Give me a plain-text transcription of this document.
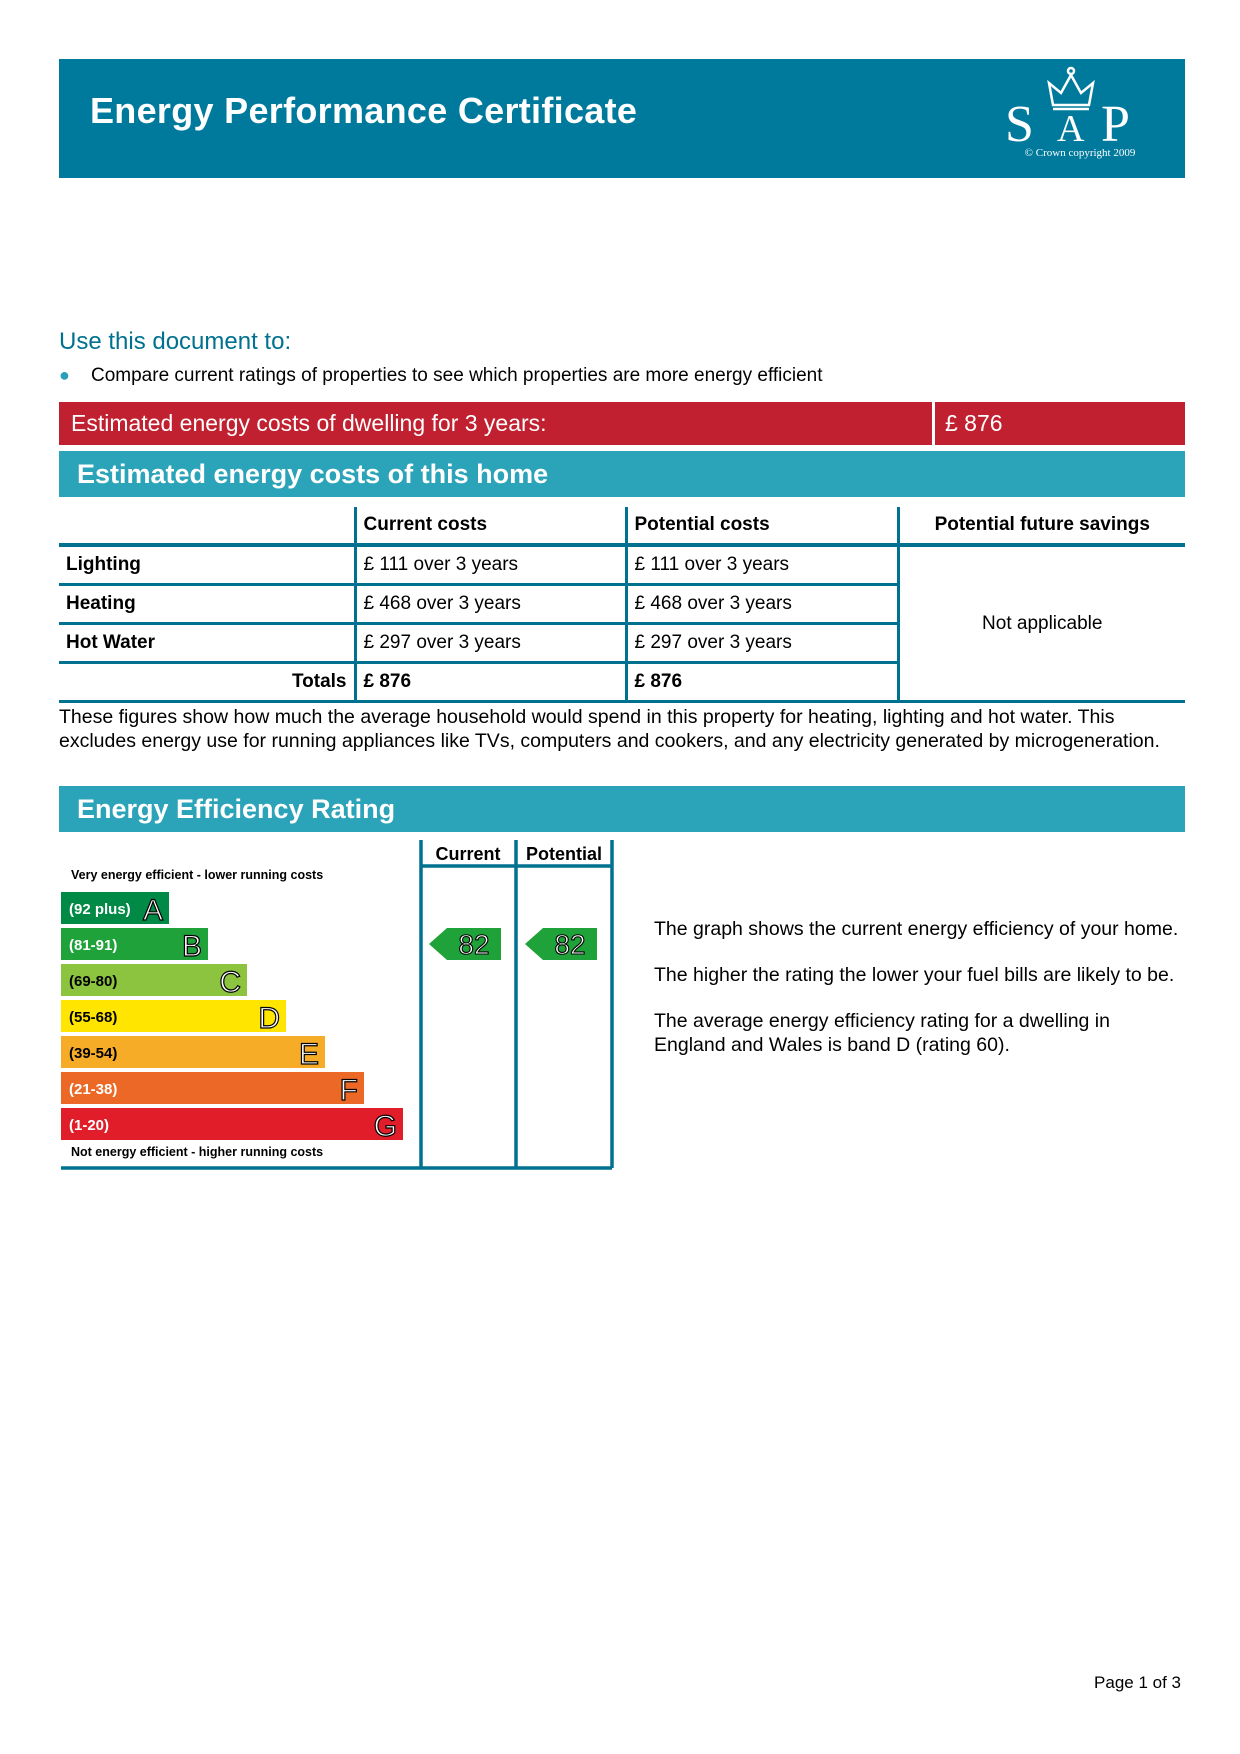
Energy Performance Certificate	S A P
© Crown copyright 2009
Use this document to:
● Compare current ratings of properties to see which properties are more energy efficient
Estimated energy costs of dwelling for 3 years:	£ 876
Estimated energy costs of this home
	Current costs	Potential costs	Potential future savings
Lighting	£ 111 over 3 years	£ 111 over 3 years	Not applicable
Heating	£ 468 over 3 years	£ 468 over 3 years	
Hot Water	£ 297 over 3 years	£ 297 over 3 years	
Totals	£ 876	£ 876	
These figures show how much the average household would spend in this property for heating, lighting and hot water. This excludes energy use for running appliances like TVs, computers and cookers, and any electricity generated by microgeneration.
Energy Efficiency Rating
Current Potential
Very energy efficient - lower running costs
Not energy efficient - higher running costs
(92 plus) A
(81-91) B
(69-80)	C
(55-68)	D
(39-54)	E
(21-38)	F
(1-20)	G
82 82	The graph shows the current energy efficiency of your home.

The higher the rating the lower your fuel bills are likely to be.

The average energy efficiency rating for a dwelling in England and Wales is band D (rating 60).

Page 1 of 3
